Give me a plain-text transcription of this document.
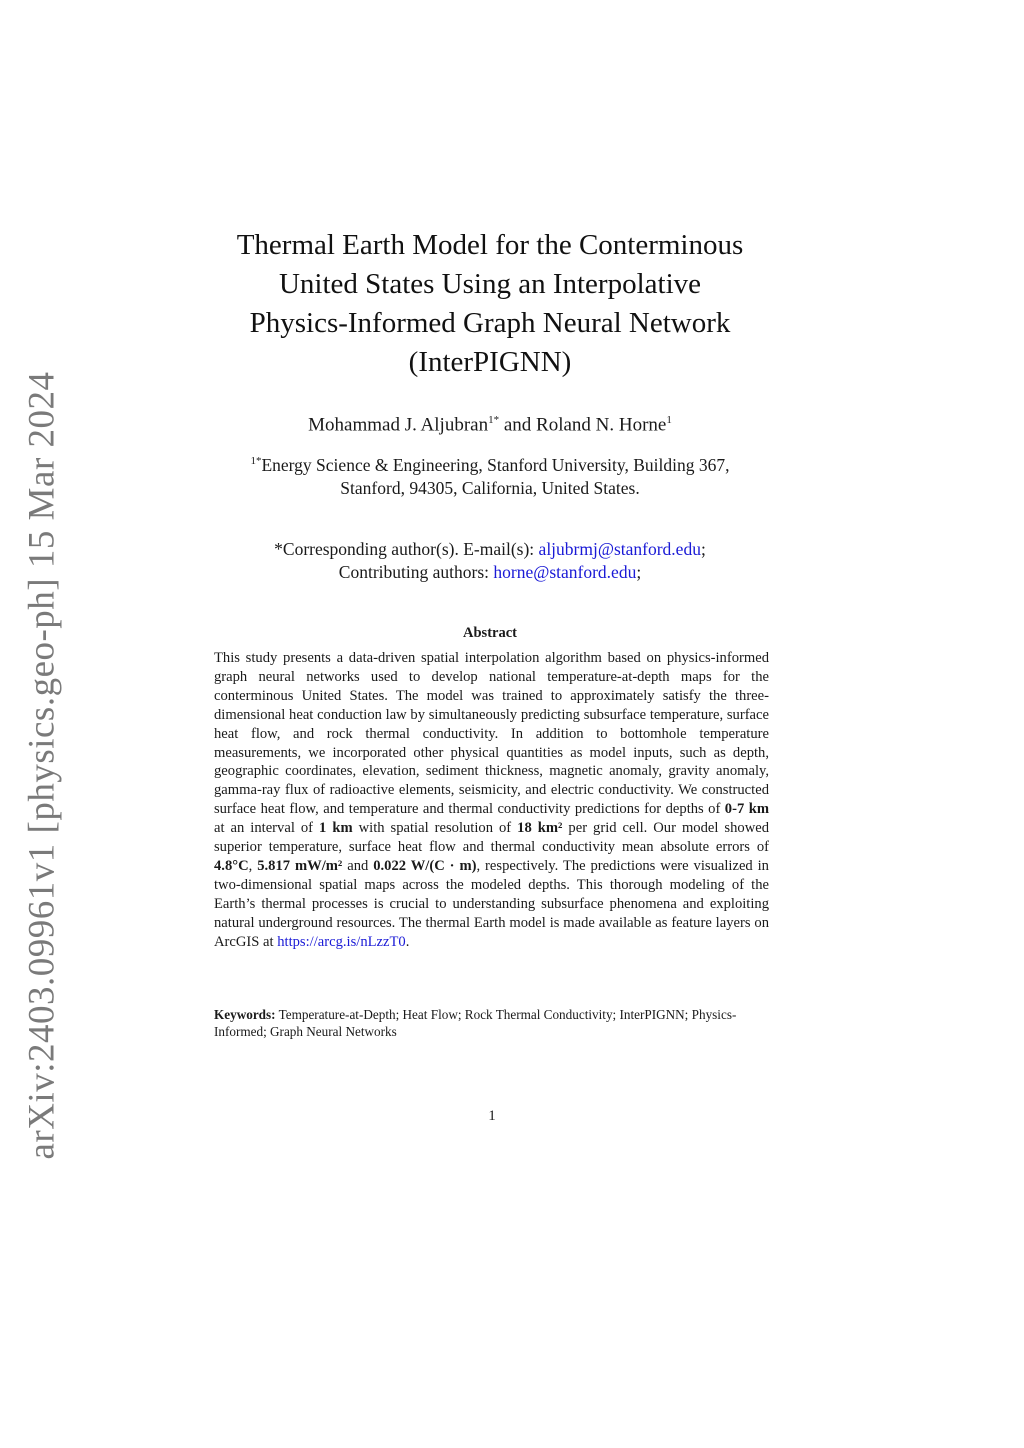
arXiv:2403.09961v1 [physics.geo-ph] 15 Mar 2024
Thermal Earth Model for the Conterminous
United States Using an Interpolative
Physics-Informed Graph Neural Network
(InterPIGNN)
Mohammad J. Aljubran$^{1*}$ and Roland N. Horne$^1$
$^{1*}$Energy Science & Engineering, Stanford University, Building 367,
Stanford, 94305, California, United States.
*Corresponding author(s). E-mail(s): aljubrmj@stanford.edu;
Contributing authors: horne@stanford.edu;
Abstract

This study presents a data-driven spatial interpolation algorithm based on physics-informed graph neural networks used to develop national temperature-at-depth maps for the conterminous United States. The model was trained to approximately satisfy the three-dimensional heat conduction law by simultaneously predicting subsurface temperature, surface heat flow, and rock thermal conductivity. In addition to bottomhole temperature measurements, we incorporated other physical quantities as model inputs, such as depth, geographic coordinates, elevation, sediment thickness, magnetic anomaly, gravity anomaly, gamma-ray flux of radioactive elements, seismicity, and electric conductivity. We constructed surface heat flow, and temperature and thermal conductivity predictions for depths of 0-7 km at an interval of 1 km with spatial resolution of 18 km² per grid cell. Our model showed superior temperature, surface heat flow and thermal conductivity mean absolute errors of 4.8°C, 5.817 mW/m² and 0.022 W/(C · m), respectively. The predictions were visualized in two-dimensional spatial maps across the modeled depths. This thorough modeling of the Earth’s thermal processes is crucial to understanding subsurface phenomena and exploiting natural underground resources. The thermal Earth model is made available as feature layers on ArcGIS at https://arcg.is/nLzzT0.

Keywords: Temperature-at-Depth; Heat Flow; Rock Thermal Conductivity; InterPIGNN; Physics-Informed; Graph Neural Networks
1
